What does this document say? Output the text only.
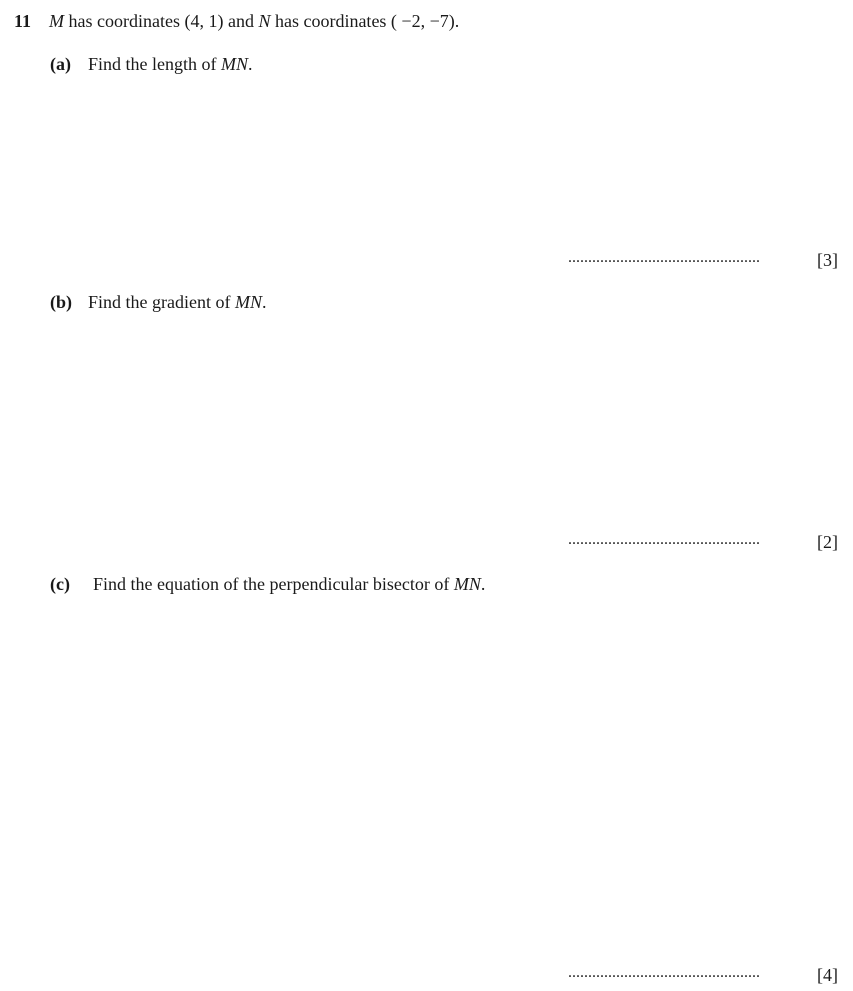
11 M has coordinates (4, 1) and N has coordinates ( −2, −7).
(a) Find the length of MN.
................................................	[3]
(b) Find the gradient of MN.
................................................	[2]
(c) Find the equation of the perpendicular bisector of MN.
................................................	[4]
